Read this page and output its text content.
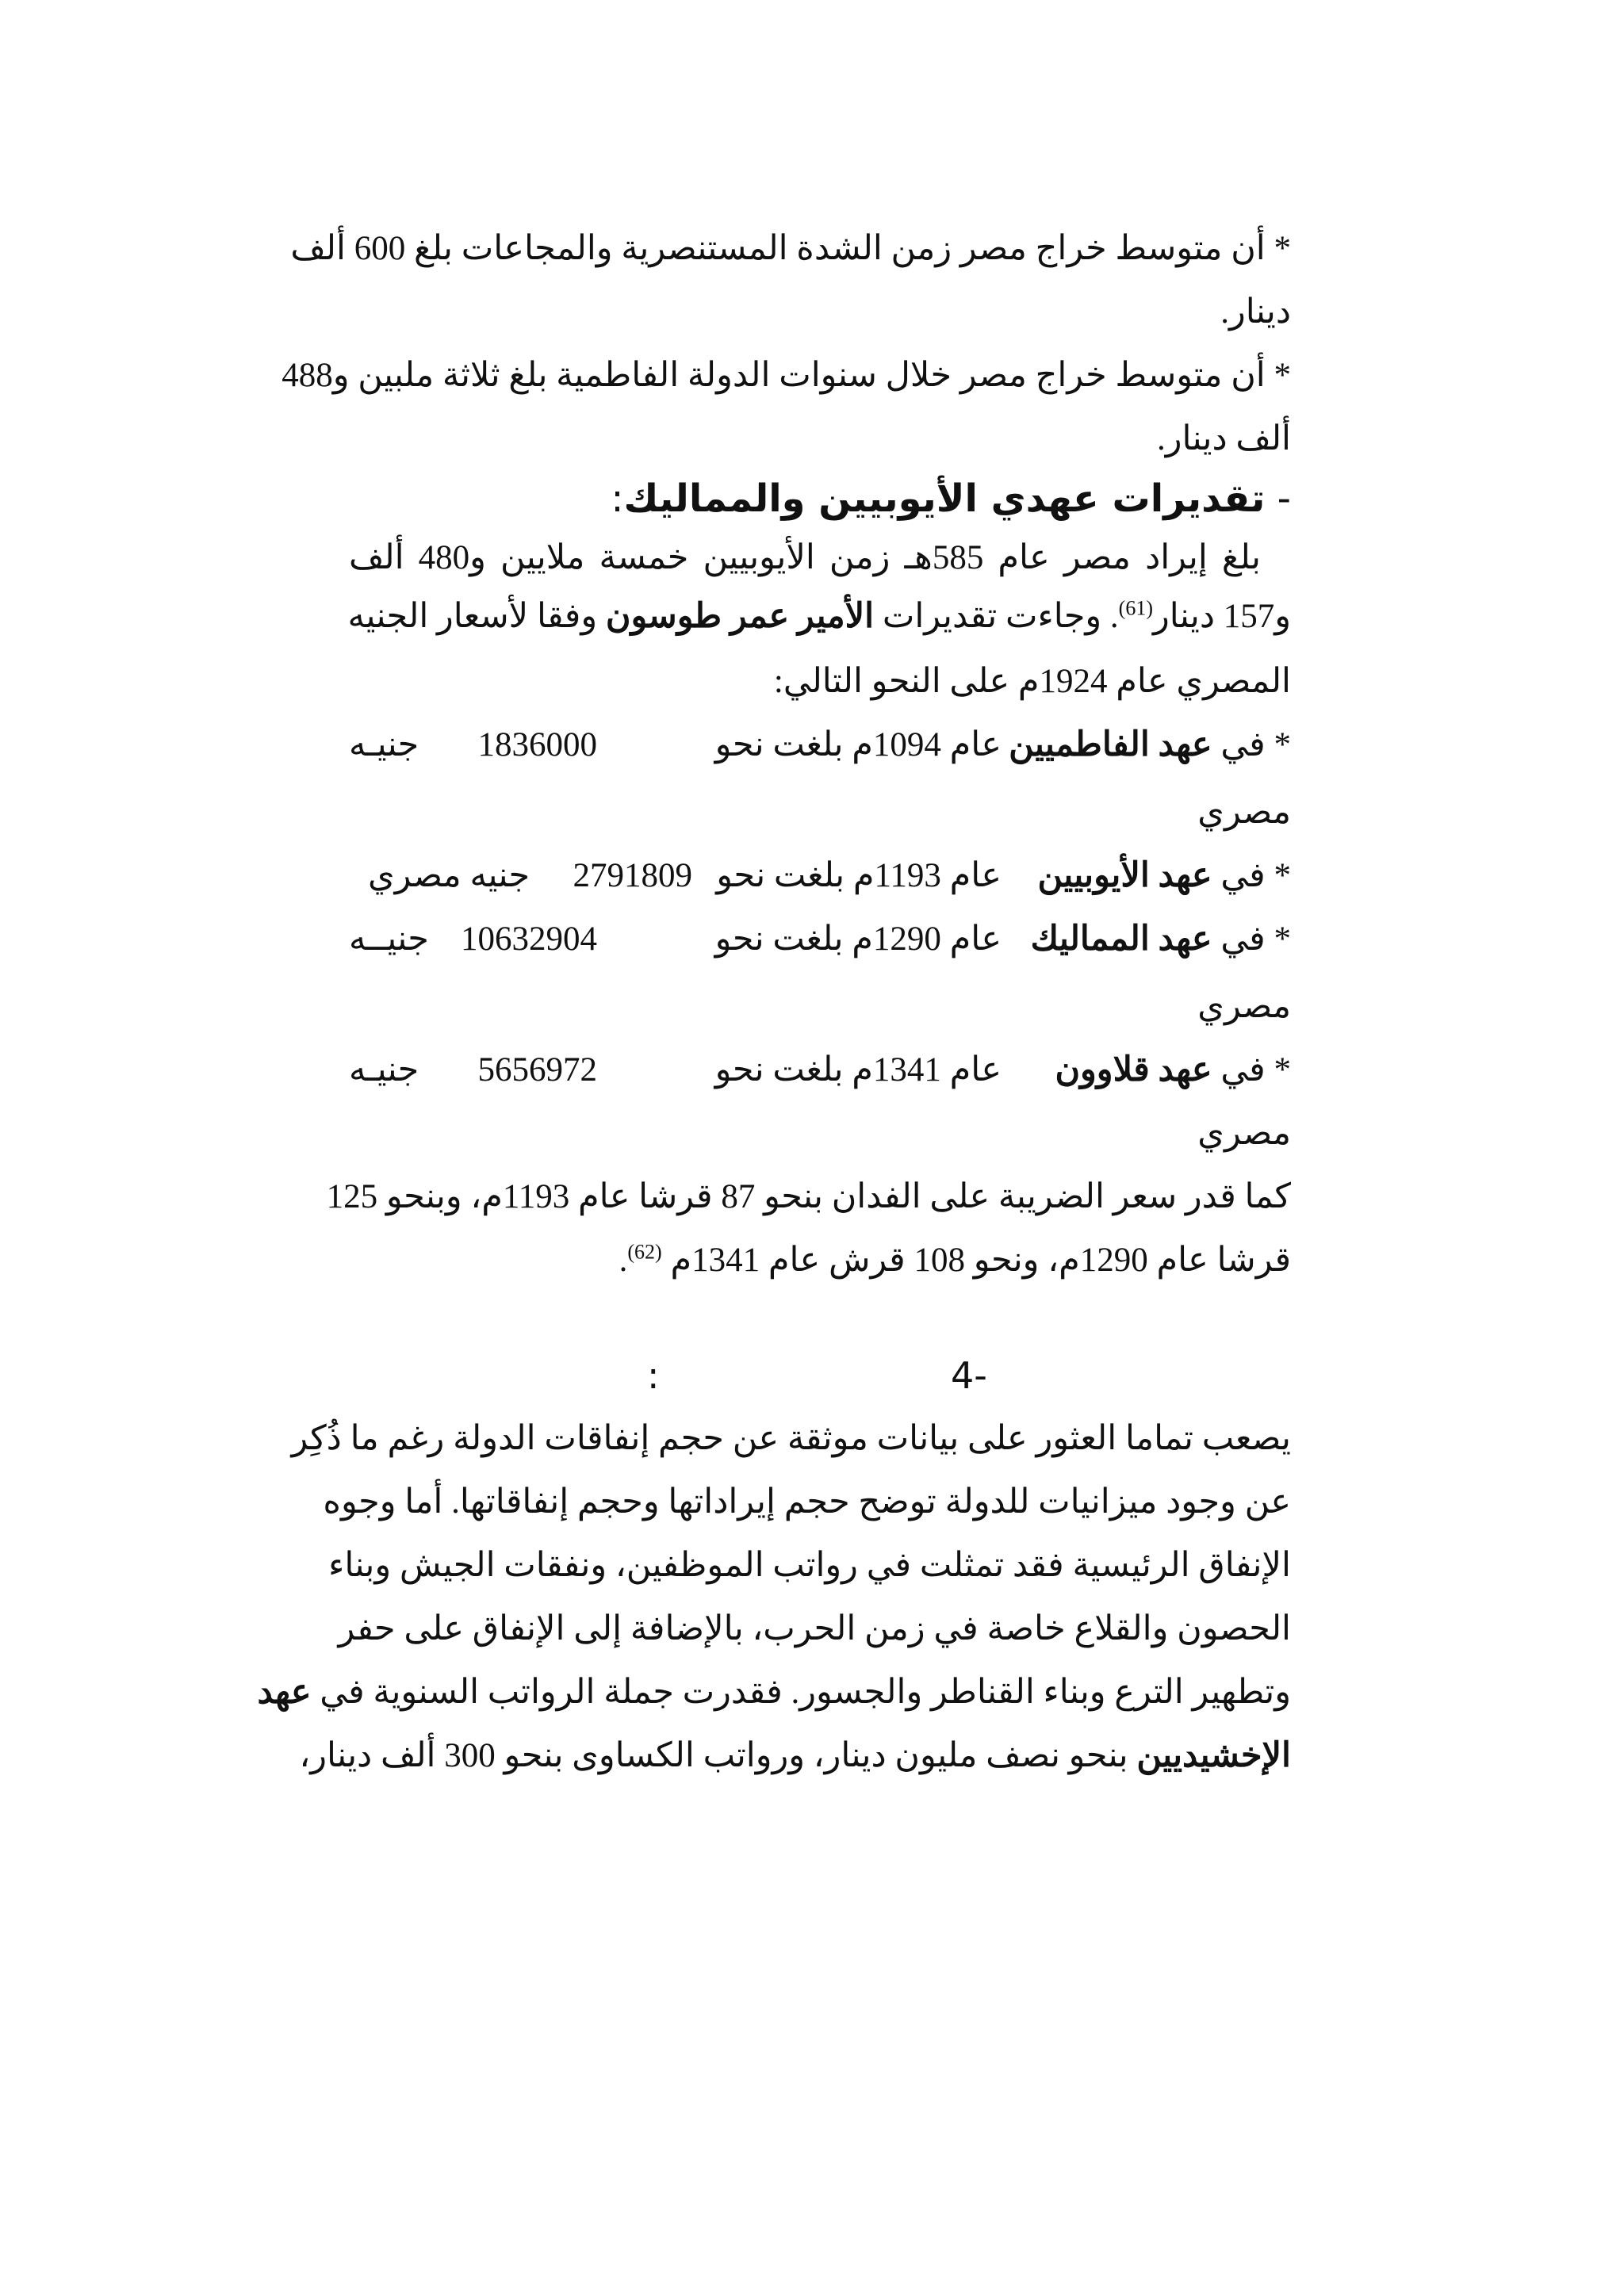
* أن متوسط خراج مصر زمن الشدة المستنصرية والمجاعات بلغ 600 ألف
دينار.
* أن متوسط خراج مصر خلال سنوات الدولة الفاطمية بلغ ثلاثة ملبين و488
ألف دينار.
- تقديرات عهدي الأيوبيين والمماليك:
بلغ إيراد مصر عام 585هـ زمن الأيوبيين خمسة ملايين و480 ألف
و157 دينار$^{(61)}$. وجاءت تقديرات الأمير عمر طوسون وفقا لأسعار الجنيه
المصري عام 1924م على النحو التالي:
* في عهد الفاطميين
عام 1094م بلغت نحو
1836000
جنيـه
مصري
* في عهد الأيوبيين
عام 1193م بلغت نحو
2791809
جنيه مصري
* في عهد المماليك
عام 1290م بلغت نحو
10632904
جنيــه
مصري
* في عهد قلاوون
عام 1341م بلغت نحو
5656972
جنيـه
مصري
كما قدر سعر الضريبة على الفدان بنحو 87 قرشا عام 1193م، وبنحو 125
قرشا عام 1290م، ونحو 108 قرش عام 1341م $^{(62)}$.
يصعب تماما العثور على بيانات موثقة عن حجم إنفاقات الدولة رغم ما ذُكِر
عن وجود ميزانيات للدولة توضح حجم إيراداتها وحجم إنفاقاتها. أما وجوه
الإنفاق الرئيسية فقد تمثلت في رواتب الموظفين، ونفقات الجيش وبناء
الحصون والقلاع خاصة في زمن الحرب، بالإضافة إلى الإنفاق على حفر
وتطهير الترع وبناء القناطر والجسور. فقدرت جملة الرواتب السنوية في عهد
الإخشيديين بنحو نصف مليون دينار، ورواتب الكساوى بنحو 300 ألف دينار،
4-
:
